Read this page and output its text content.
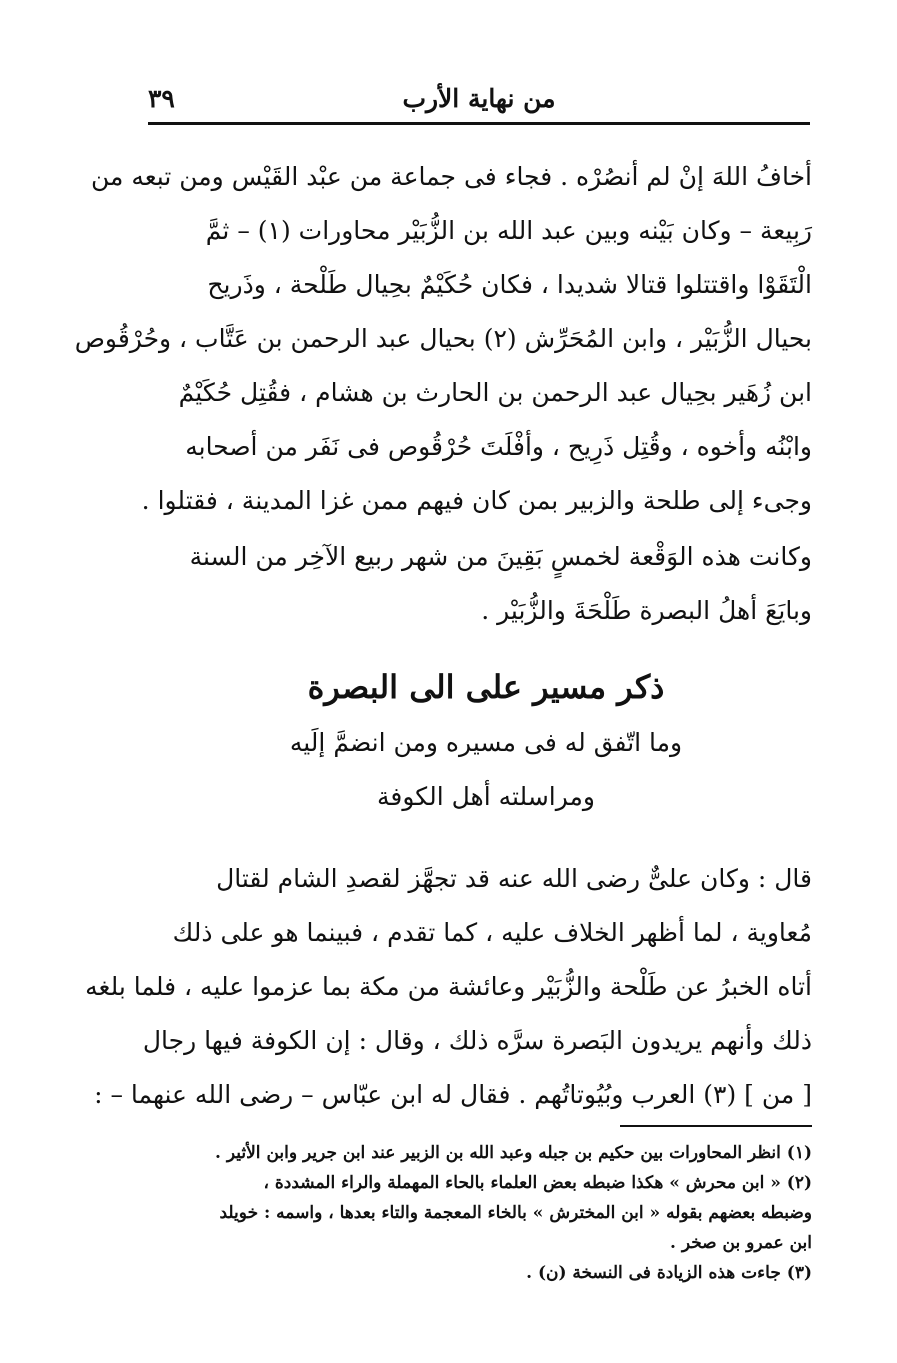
من نهاية الأرب
٣٩
أخافُ اللهَ إنْ لم أنصُرْه . فجاء فى جماعة من عبْد القَيْس ومن تبعه من
رَبِيعة – وكان بَيْنه وبين عبد الله بن الزُّبَيْر محاورات (١) – ثمَّ
الْتَقَوْا واقتتلوا قتالا شديدا ، فكان حُكَيْمٌ بحِيال طَلْحة ، وذَريح
بحيال الزُّبَيْر ، وابن المُحَرِّش (٢) بحيال عبد الرحمن بن عَتَّاب ، وحُرْقُوص
ابن زُهَير بحِيال عبد الرحمن بن الحارث بن هشام ، فقُتِل حُكَيْمٌ
وابْنُه وأخوه ، وقُتِل ذَرِيح ، وأفْلَتَ حُرْقُوص فى نَفَر من أصحابه
وجىء إلى طلحة والزبير بمن كان فيهم ممن غزا المدينة ، فقتلوا .
وكانت هذه الوَقْعة لخمسٍ بَقِينَ من شهر ربيع الآخِر من السنة
وبايَعَ أهلُ البصرة طَلْحَةَ والزُّبَيْر .
ذكر مسير على الى البصرة
وما اتّفق له فى مسيره ومن انضمَّ إلَيه
ومراسلته أهل الكوفة
قال : وكان علىٌّ رضى الله عنه قد تجهَّز لقصدِ الشام لقتال
مُعاوية ، لما أظهر الخلاف عليه ، كما تقدم ، فبينما هو على ذلك
أتاه الخبرُ عن طَلْحة والزُّبَيْر وعائشة من مكة بما عزموا عليه ، فلما بلغه
ذلك وأنهم يريدون البَصرة سرَّه ذلك ، وقال : إن الكوفة فيها رجال
[ من ] (٣) العرب وبُيُوتاتُهم . فقال له ابن عبّاس – رضى الله عنهما – :
(١) انظر المحاورات بين حكيم بن جبله وعبد الله بن الزبير عند ابن جرير وابن الأثير .
(٢) « ابن محرش » هكذا ضبطه بعض العلماء بالحاء المهملة والراء المشددة ،
وضبطه بعضهم بقوله « ابن المخترش » بالخاء المعجمة والتاء بعدها ، واسمه : خويلد
ابن عمرو بن صخر .
(٣) جاءت هذه الزيادة فى النسخة (ن) .
